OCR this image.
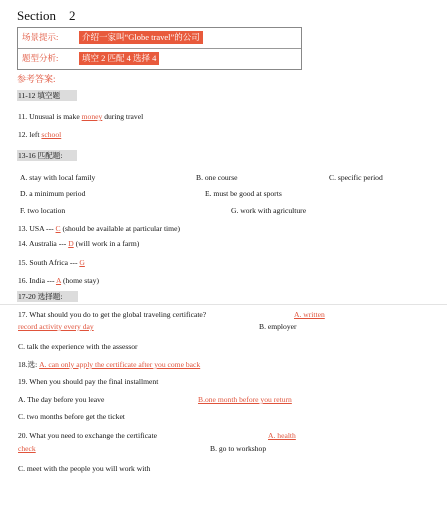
Section 2
场景提示:	介绍一家叫“Globe travel”的公司
题型分析:	填空 2 匹配 4 选择 4
参考答案:
11-12 填空题
11. Unusual is make money during travel
12. left school
13-16 匹配题:
A. stay with local family	B. one course	C. specific period
D. a minimum period	E. must be good at sports
F. two location	G. work with agriculture
13. USA --- C (should be available at particular time)
14. Australia --- D (will work in a farm)
15. South Africa --- G
16. India --- A (home stay)
17-20 选择题:
17. What should you do to get the global traveling certificate?	A. written
record activity every day	B. employer
C. talk the experience with the assessor
18.选: A. can only apply the certificate after you come back
19. When you should pay the final installment
A. The day before you leave	B.one month before you return
C. two months before get the ticket
20. What you need to exchange the certificate	A. health
check	B. go to workshop
C. meet with the people you will work with
